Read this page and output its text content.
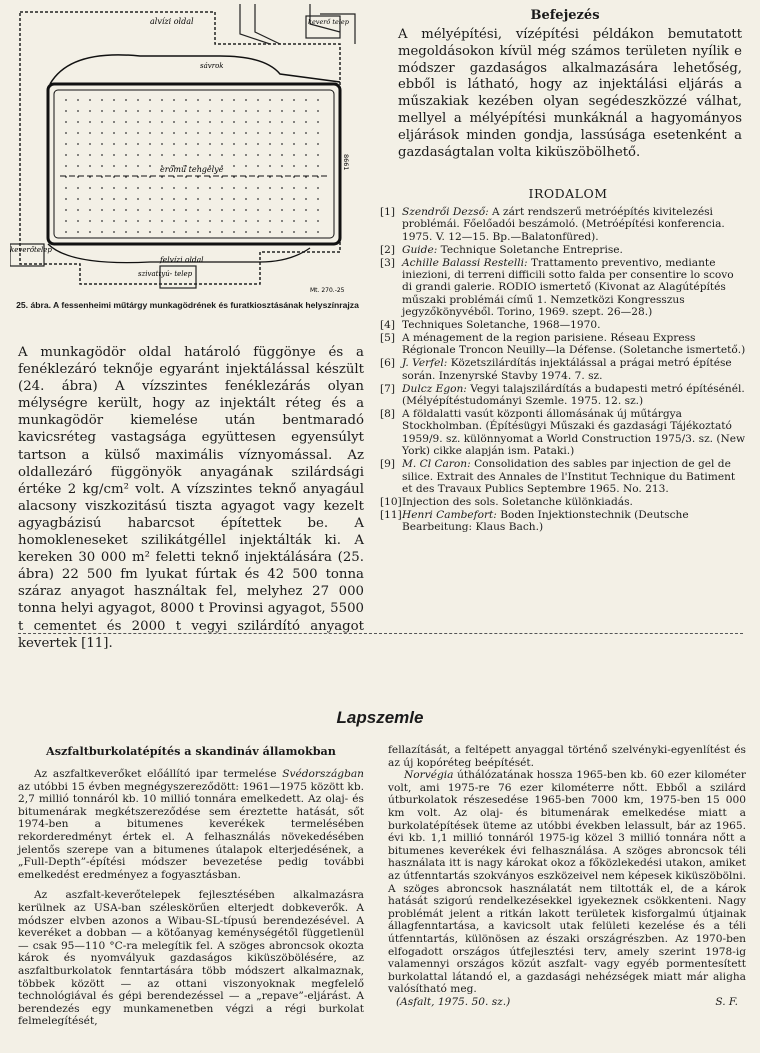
alvízi oldal	keverő telep
sávrok
erőmű tengelye
keverőtelep
felvízi oldal
szivattyú- telep
Mt. 270.-25
8661
25. ábra. A fessenheimi műtárgy munkagödrének és furatkiosztásának helyszínrajza

A munkagödör oldal határoló függönye és a fenéklezáró teknője egyaránt injektálással készült (24. ábra) A vízszintes fenéklezárás olyan mélységre került, hogy az injektált réteg és a munkagödör kiemelése után bentmaradó kavicsréteg vastagsága együttesen egyensúlyt tartson a külső maximális víznyomással. Az oldallezáró függönyök anyagának szilárdsági értéke 2 kg/cm² volt. A vízszintes teknő anyagául alacsony viszkozitású tiszta agyagot vagy kezelt agyagbázisú habarcsot építettek be. A homokleneseket szilikátgéllel injektálták ki. A kereken 30 000 m² feletti teknő injektálására (25. ábra) 22 500 fm lyukat fúrtak és 42 500 tonna száraz anyagot használtak fel, melyhez 27 000 tonna helyi agyagot, 8000 t Provinsi agyagot, 5500 t cementet és 2000 t vegyi szilárdító anyagot kevertek [11].

Befejezés

A mélyépítési, vízépítési példákon bemutatott megoldásokon kívül még számos területen nyílik e módszer gazdaságos alkalmazására lehetőség, ebből is látható, hogy az injektálási eljárás a műszakiak kezében olyan segédeszközzé válhat, mellyel a mélyépítési munkáknál a hagyományos eljárások minden gondja, lassúsága esetenként a gazdaságtalan volta kiküszöbölhető.

IRODALOM
[1] Szendrői Dezső: A zárt rendszerű metróépítés kivitelezési problémái. Főelőadói beszámoló. (Metróépítési konferencia. 1975. V. 12—15. Bp.—Balatonfüred).
[2] Guide: Technique Soletanche Entreprise.
[3] Achille Balassi Restelli: Trattamento preventivo, mediante iniezioni, di terreni difficili sotto falda per consentire lo scovo di grandi galerie. RODIO ismertető (Kivonat az Alagútépítés műszaki problémái című 1. Nemzetközi Kongresszus jegyzőkönyvéből. Torino, 1969. szept. 26—28.)
[4] Techniques Soletanche, 1968—1970.
[5] A ménagement de la region parisiene. Réseau Express Régionale Troncon Neuilly—la Défense. (Soletanche ismertető.)
[6] J. Verfel: Közetszilárdítás injektálással a prágai metró építése során. Inzenyrské Stavby 1974. 7. sz.
[7] Dulcz Egon: Vegyi talajszilárdítás a budapesti metró építésénél. (Mélyépítéstudományi Szemle. 1975. 12. sz.)
[8] A földalatti vasút központi állomásának új műtárgya Stockholmban. (Építésügyi Műszaki és gazdasági Tájékoztató 1959/9. sz. különnyomat a World Construction 1975/3. sz. (New York) cikke alapján ism. Pataki.)
[9] M. Cl Caron: Consolidation des sables par injection de gel de silice. Extrait des Annales de l'Institut Technique du Batiment et des Travaux Publics Septembre 1965. No. 213.
[10] Injection des sols. Soletanche különkiadás.
[11] Henri Cambefort: Boden Injektionstechnik (Deutsche Bearbeitung: Klaus Bach.)
Lapszemle
Aszfaltburkolatépítés a skandináv államokban

Az aszfaltkeverőket előállító ipar termelése Svédországban az utóbbi 15 évben megnégyszereződött: 1961—1975 között kb. 2,7 millió tonnáról kb. 10 millió tonnára emelkedett. Az olaj- és bitumenárak megkétszereződése sem éreztette hatását, sőt 1974-ben a bitumenes keverékek termelésében rekorderedményt értek el. A felhasználás növekedésében jelentős szerepe van a bitumenes útalapok elterjedésének, a „Full-Depth”-építési módszer bevezetése pedig további emelkedést eredményez a fogyasztásban.

Az aszfalt-keverőtelepek fejlesztésében alkalmazásra kerülnek az USA-ban széleskörűen elterjedt dobkeverők. A módszer elvben azonos a Wibau-SL-típusú berendezésével. A keveréket a dobban — a kötőanyag keménységétől függetlenül — csak 95—110 °C-ra melegítik fel. A szöges abroncsok okozta károk és nyomvályuk gazdaságos kiküszöbölésére, az aszfaltburkolatok fenntartására több módszert alkalmaznak, többek között — az ottani viszonyoknak megfelelő technológiával és gépi berendezéssel — a „repave”-eljárást. A berendezés egy munkamenetben végzi a régi burkolat felmelegítését,

fellazítását, a feltépett anyaggal történő szelvényki-egyenlítést és az új kopóréteg beépítését.

Norvégia úthálózatának hossza 1965-ben kb. 60 ezer kilométer volt, ami 1975-re 76 ezer kilométerre nőtt. Ebből a szilárd útburkolatok részesedése 1965-ben 7000 km, 1975-ben 15 000 km volt. Az olaj- és bitumenárak emelkedése miatt a burkolatépítések üteme az utóbbi években lelassult, bár az 1965. évi kb. 1,1 millió tonnáról 1975-ig közel 3 millió tonnára nőtt a bitumenes keverékek évi felhasználása. A szöges abroncsok téli használata itt is nagy károkat okoz a főközlekedési utakon, amiket az útfenntartás szokványos eszközeivel nem képesek kiküszöbölni. A szöges abroncsok használatát nem tiltották el, de a károk hatását szigorú rendelkezésekkel igyekeznek csökkenteni. Nagy problémát jelent a ritkán lakott területek kisforgalmú útjainak állagfenntartása, a kavicsolt utak felületi kezelése és a téli útfenntartás, különösen az északi országrészben. Az 1970-ben elfogadott országos útfejlesztési terv, amely szerint 1978-ig valamennyi országos közút aszfalt- vagy egyéb pormentesített burkolattal látandó el, a gazdasági nehézségek miatt már aligha valósítható meg.

(Asfalt, 1975. 50. sz.)	S. F.
